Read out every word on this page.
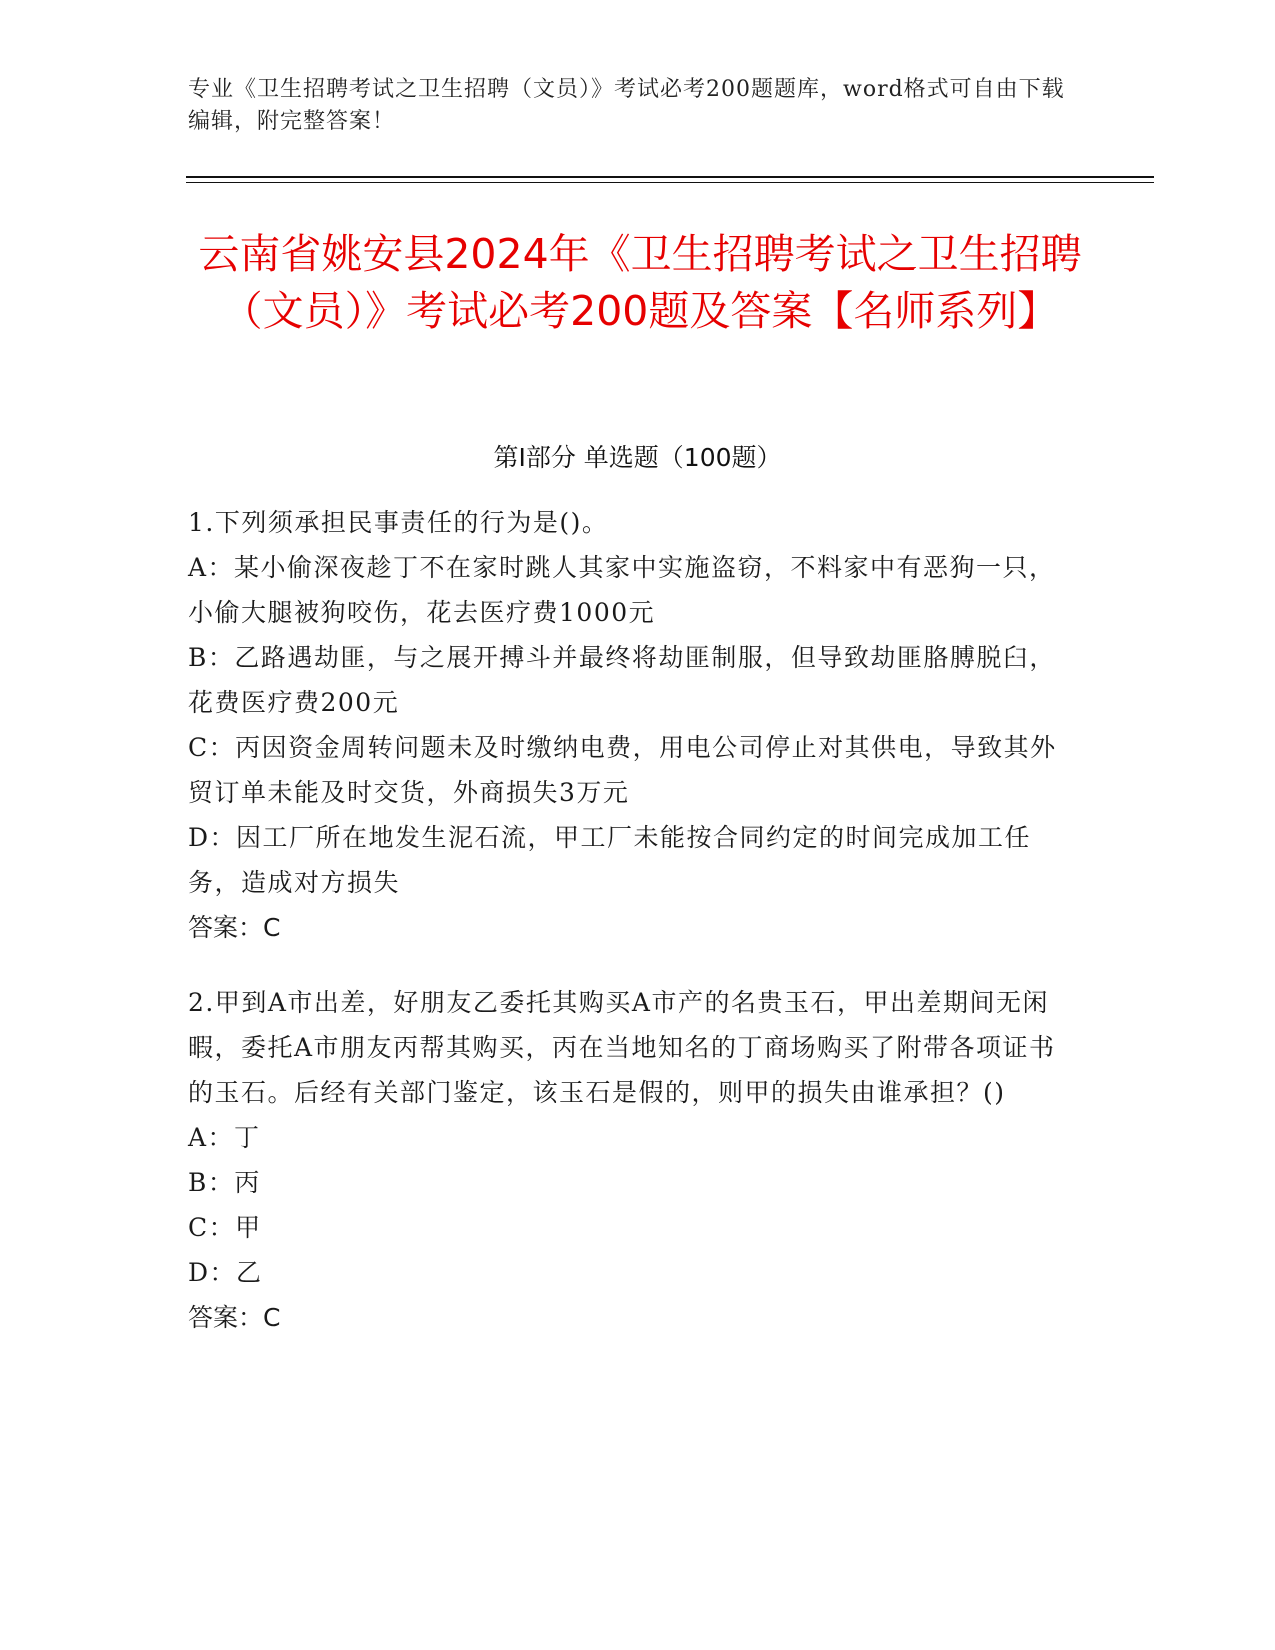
专业《卫生招聘考试之卫生招聘（文员）》考试必考200题题库，word格式可自由下载编辑，附完整答案！
云南省姚安县2024年《卫生招聘考试之卫生招聘（文员）》考试必考200题及答案【名师系列】
第Ⅰ部分 单选题（100题）
1.下列须承担民事责任的行为是()。
A：某小偷深夜趁丁不在家时跳人其家中实施盗窃，不料家中有恶狗一只，小偷大腿被狗咬伤，花去医疗费1000元
B：乙路遇劫匪，与之展开搏斗并最终将劫匪制服，但导致劫匪胳膊脱臼，花费医疗费200元
C：丙因资金周转问题未及时缴纳电费，用电公司停止对其供电，导致其外贸订单未能及时交货，外商损失3万元
D：因工厂所在地发生泥石流，甲工厂未能按合同约定的时间完成加工任务，造成对方损失
答案：C
2.甲到A市出差，好朋友乙委托其购买A市产的名贵玉石，甲出差期间无闲暇，委托A市朋友丙帮其购买，丙在当地知名的丁商场购买了附带各项证书的玉石。后经有关部门鉴定，该玉石是假的，则甲的损失由谁承担？()
A：丁
B：丙
C：甲
D：乙
答案：C
